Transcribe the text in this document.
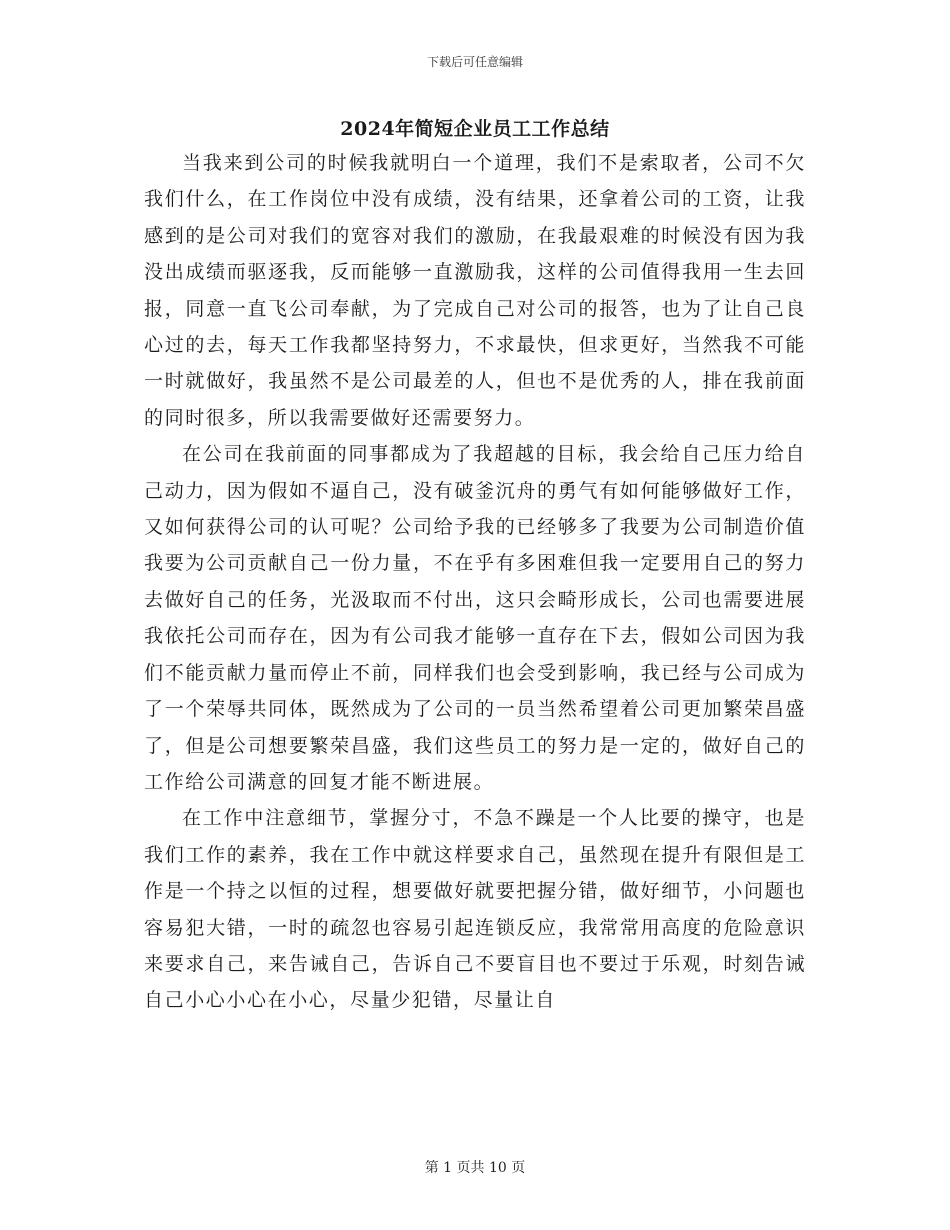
下载后可任意编辑
2024年简短企业员工工作总结

当我来到公司的时候我就明白一个道理，我们不是索取者，公司不欠我们什么，在工作岗位中没有成绩，没有结果，还拿着公司的工资，让我感到的是公司对我们的宽容对我们的激励，在我最艰难的时候没有因为我没出成绩而驱逐我，反而能够一直激励我，这样的公司值得我用一生去回报，同意一直飞公司奉献，为了完成自己对公司的报答，也为了让自己良心过的去，每天工作我都坚持努力，不求最快，但求更好，当然我不可能一时就做好，我虽然不是公司最差的人，但也不是优秀的人，排在我前面的同时很多，所以我需要做好还需要努力。

在公司在我前面的同事都成为了我超越的目标，我会给自己压力给自己动力，因为假如不逼自己，没有破釜沉舟的勇气有如何能够做好工作，又如何获得公司的认可呢？公司给予我的已经够多了我要为公司制造价值我要为公司贡献自己一份力量，不在乎有多困难但我一定要用自己的努力去做好自己的任务，光汲取而不付出，这只会畸形成长，公司也需要进展我依托公司而存在，因为有公司我才能够一直存在下去，假如公司因为我们不能贡献力量而停止不前，同样我们也会受到影响，我已经与公司成为了一个荣辱共同体，既然成为了公司的一员当然希望着公司更加繁荣昌盛了，但是公司想要繁荣昌盛，我们这些员工的努力是一定的，做好自己的工作给公司满意的回复才能不断进展。

在工作中注意细节，掌握分寸，不急不躁是一个人比要的操守，也是我们工作的素养，我在工作中就这样要求自己，虽然现在提升有限但是工作是一个持之以恒的过程，想要做好就要把握分错，做好细节，小问题也容易犯大错，一时的疏忽也容易引起连锁反应，我常常用高度的危险意识来要求自己，来告诫自己，告诉自己不要盲目也不要过于乐观，时刻告诫自己小心小心在小心，尽量少犯错，尽量让自

第 1 页共 10 页
